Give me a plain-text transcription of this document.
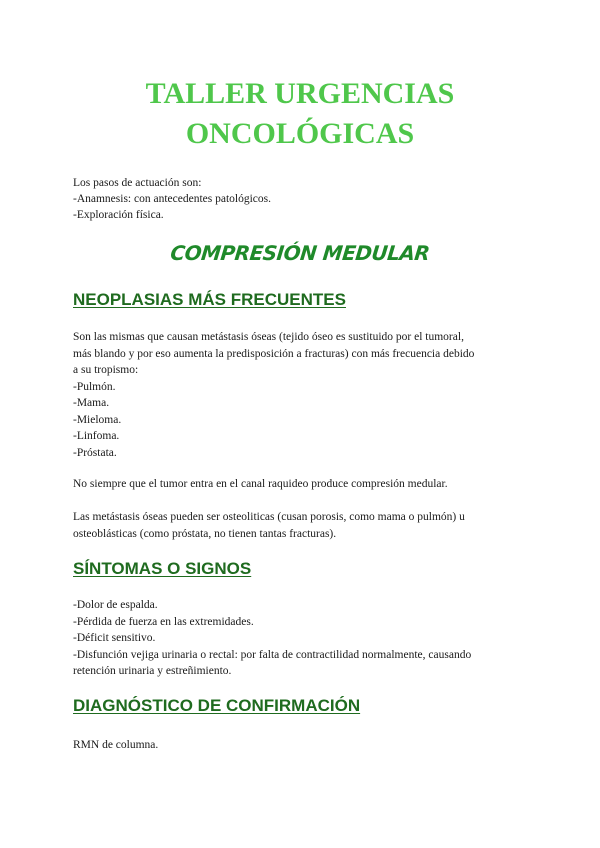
TALLER URGENCIAS
ONCOLÓGICAS

Los pasos de actuación son:
-Anamnesis: con antecedentes patológicos.
-Exploración física.

COMPRESIÓN MEDULAR
NEOPLASIAS MÁS FRECUENTES

Son las mismas que causan metástasis óseas (tejido óseo es sustituido por el tumoral,
más blando y por eso aumenta la predisposición a fracturas) con más frecuencia debido
a su tropismo:
-Pulmón.
-Mama.
-Mieloma.
-Linfoma.
-Próstata.

No siempre que el tumor entra en el canal raquideo produce compresión medular.

Las metástasis óseas pueden ser osteoliticas (cusan porosis, como mama o pulmón) u
osteoblásticas (como próstata, no tienen tantas fracturas).

SÍNTOMAS O SIGNOS

-Dolor de espalda.
-Pérdida de fuerza en las extremidades.
-Déficit sensitivo.
-Disfunción vejiga urinaria o rectal: por falta de contractilidad normalmente, causando
retención urinaria y estreñimiento.

DIAGNÓSTICO DE CONFIRMACIÓN

RMN de columna.
